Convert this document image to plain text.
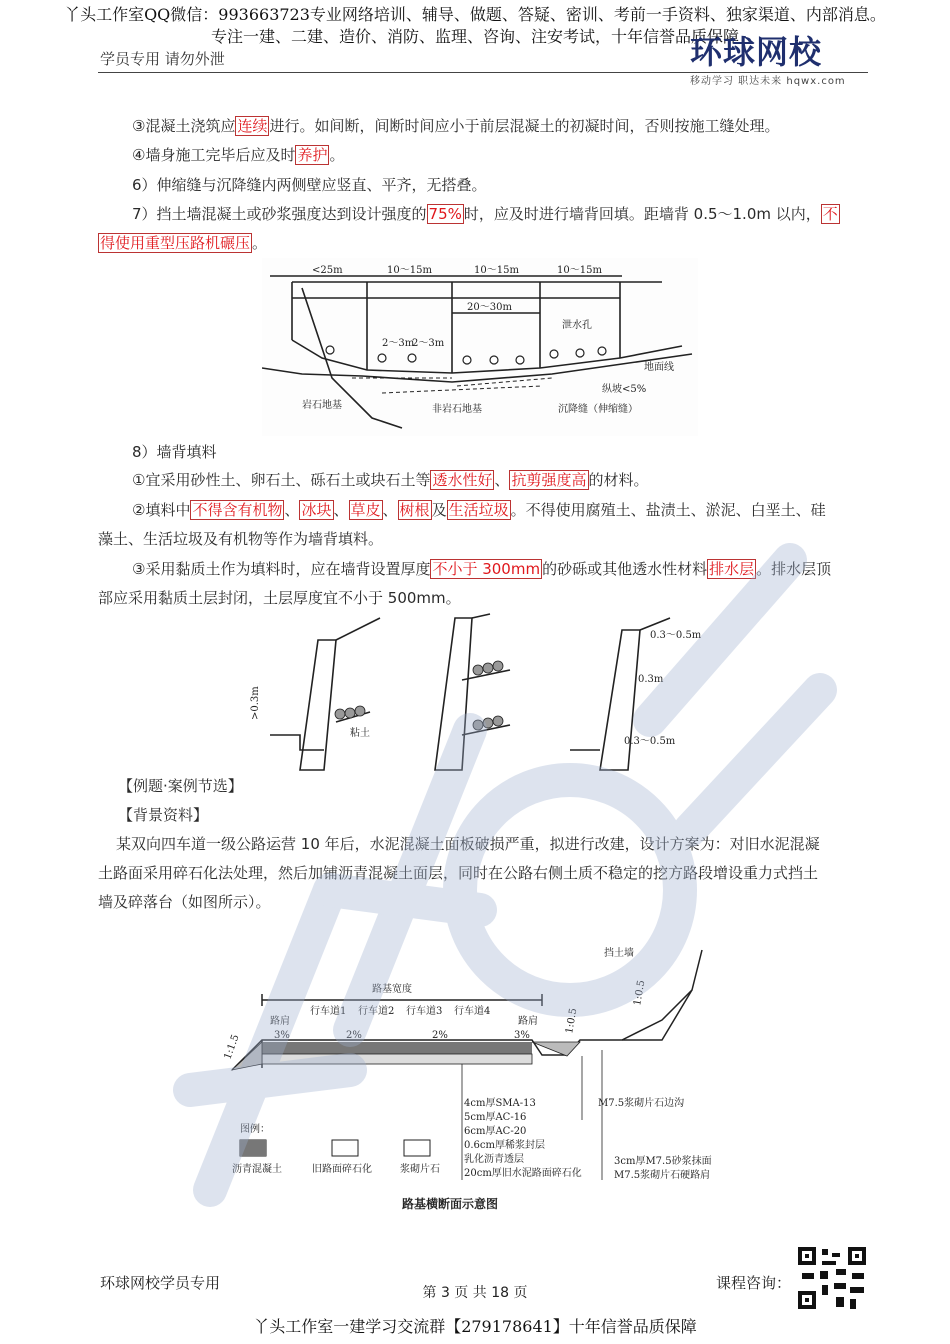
丫头工作室QQ微信：993663723专业网络培训、辅导、做题、答疑、密训、考前一手资料、独家渠道、内部消息。
专注一建、二建、造价、消防、监理、咨询、注安考试，十年信誉品质保障
学员专用 请勿外泄	环球网校
移动学习 职达未来 hqwx.com
③混凝土浇筑应 连续 进行。如间断，间断时间应小于前层混凝土的初凝时间，否则按施工缝处理。
④墙身施工完毕后应及时 养护 。
6）伸缩缝与沉降缝内两侧壁应竖直、平齐，无搭叠。
7）挡土墙混凝土或砂浆强度达到设计强度的 75% 时，应及时进行墙背回填。距墙背 0.5～1.0m 以内， 不
得使用重型压路机碾压 。
<25m	10～15m	10～15m	10～15m
20～30m
泄水孔
2～3m
2～3m
地面线
纵坡<5%
岩石地基	非岩石地基	沉降缝（伸缩缝）
8）墙背填料
①宜采用砂性土、卵石土、砾石土或块石土等 透水性好 、 抗剪强度高 的材料。
②填料中 不得含有机物 、 冰块 、 草皮 、 树根 及 生活垃圾 。不得使用腐殖土、盐渍土、淤泥、白垩土、硅
藻土、生活垃圾及有机物等作为墙背填料。
③采用黏质土作为填料时，应在墙背设置厚度 不小于 300mm 的砂砾或其他透水性材料 排水层 。排水层顶
部应采用黏质土层封闭，土层厚度宜不小于 500mm。
>0.3m
粘土
0.3～0.5m
0.3m
0.3～0.5m
【例题·案例节选】
【背景资料】
某双向四车道一级公路运营 10 年后，水泥混凝土面板破损严重，拟进行改建，设计方案为：对旧水泥混凝
土路面采用碎石化法处理，然后加铺沥青混凝土面层，同时在公路右侧土质不稳定的挖方路段增设重力式挡土
墙及碎落台（如图所示）。
路基宽度
路肩
行车道1 行车道2 行车道3 行车道4
路肩
3%	2%	2%	3%
1:1.5
1:0.5
1:0.5
挡土墙
M7.5浆砌片石边沟
4cm厚SMA-13
5cm厚AC-16
6cm厚AC-20
0.6cm厚稀浆封层
乳化沥青透层
20cm厚旧水泥路面碎石化
3cm厚M7.5砂浆抹面
M7.5浆砌片石硬路肩
图例：
沥青混凝土	旧路面碎石化	浆砌片石
路基横断面示意图
环球网校学员专用
第 3 页 共 18 页
课程咨询：
丫头工作室一建学习交流群【279178641】十年信誉品质保障
